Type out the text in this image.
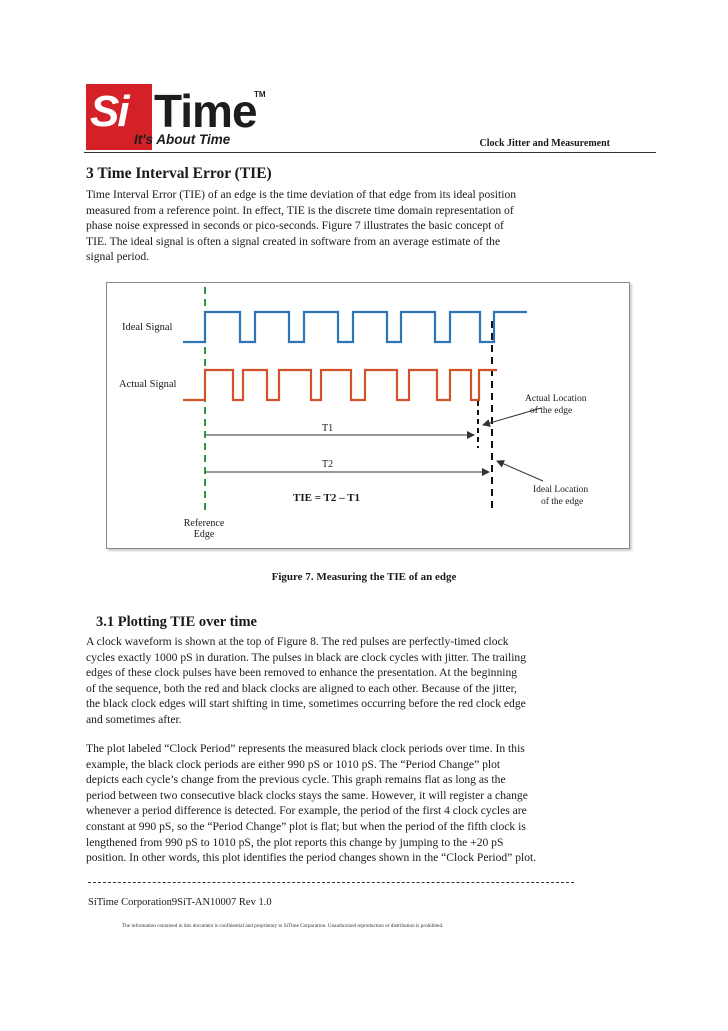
Si Time
TM
It's About Time	Clock Jitter and Measurement
3 Time Interval Error (TIE)
Time Interval Error (TIE) of an edge is the time deviation of that edge from its ideal position
measured from a reference point. In effect, TIE is the discrete time domain representation of
phase noise expressed in seconds or pico-seconds. Figure 7 illustrates the basic concept of
TIE. The ideal signal is often a signal created in software from an average estimate of the
signal period.
Ideal Signal
Actual Signal
T1
T2
TIE = T2 – T1
Reference
Edge
Actual Location
of the edge
Ideal Location
of the edge
Figure 7. Measuring the TIE of an edge
3.1 Plotting TIE over time
A clock waveform is shown at the top of Figure 8. The red pulses are perfectly-timed clock
cycles exactly 1000 pS in duration. The pulses in black are clock cycles with jitter. The trailing
edges of these clock pulses have been removed to enhance the presentation. At the beginning
of the sequence, both the red and black clocks are aligned to each other. Because of the jitter,
the black clock edges will start shifting in time, sometimes occurring before the red clock edge
and sometimes after.
The plot labeled “Clock Period” represents the measured black clock periods over time. In this
example, the black clock periods are either 990 pS or 1010 pS. The “Period Change” plot
depicts each cycle’s change from the previous cycle. This graph remains flat as long as the
period between two consecutive black clocks stays the same. However, it will register a change
whenever a period difference is detected. For example, the period of the first 4 clock cycles are
constant at 990 pS, so the “Period Change” plot is flat; but when the period of the fifth clock is
lengthened from 990 pS to 1010 pS, the plot reports this change by jumping to the +20 pS
position. In other words, this plot identifies the period changes shown in the “Clock Period” plot.
SiTime Corporation9SiT-AN10007 Rev 1.0
The information contained in this document is confidential and proprietary to SiTime Corporation. Unauthorized reproduction or distribution is prohibited.
